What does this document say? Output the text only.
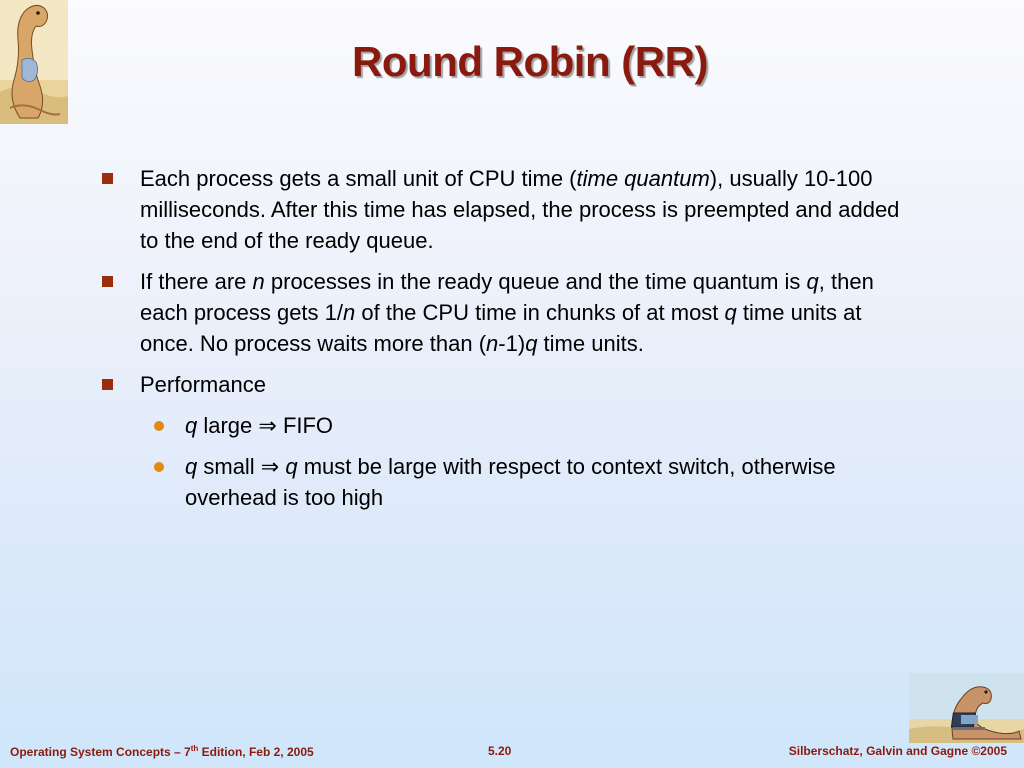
Round Robin (RR)
Each process gets a small unit of CPU time (time quantum), usually 10-100 milliseconds. After this time has elapsed, the process is preempted and added to the end of the ready queue.
If there are n processes in the ready queue and the time quantum is q, then each process gets 1/n of the CPU time in chunks of at most q time units at once. No process waits more than (n-1)q time units.
Performance
q large ⇒ FIFO
q small ⇒ q must be large with respect to context switch, otherwise overhead is too high
Operating System Concepts – 7th Edition, Feb 2, 2005	5.20	Silberschatz, Galvin and Gagne ©2005
